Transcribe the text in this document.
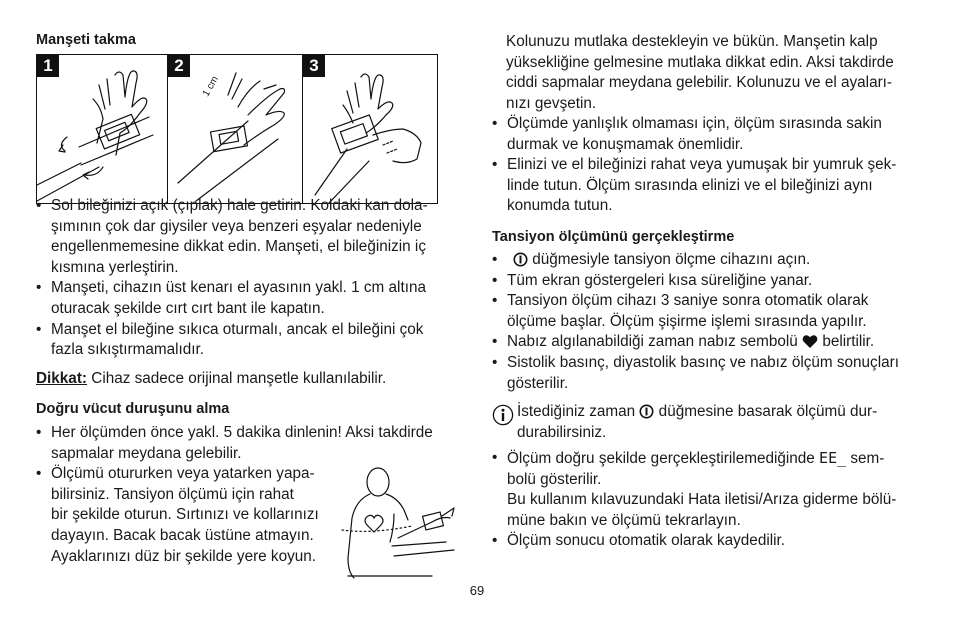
Manşeti takma

1	2
1 cm
3
• Sol bileğinizi açık (çıplak) hale getirin. Koldaki kan dola-
şımının çok dar giysiler veya benzeri eşyalar nedeniyle
engellenmemesine dikkat edin. Manşeti, el bileğinizin iç
kısmına yerleştirin.
• Manşeti, cihazın üst kenarı el ayasının yakl. 1 cm altına
oturacak şekilde cırt cırt bant ile kapatın.
• Manşet el bileğine sıkıca oturmalı, ancak el bileğini çok
fazla sıkıştırmamalıdır.

Dikkat: Cihaz sadece orijinal manşetle kullanılabilir.

Doğru vücut duruşunu alma

• Her ölçümden önce yakl. 5 dakika dinlenin! Aksi takdirde
sapmalar meydana gelebilir.
• Ölçümü otururken veya yatarken yapa-
bilirsiniz. Tansiyon ölçümü için rahat
bir şekilde oturun. Sırtınızı ve kollarınızı
dayayın. Bacak bacak üstüne atmayın.
Ayaklarınızı düz bir şekilde yere koyun.

Kolunuzu mutlaka destekleyin ve bükün. Manşetin kalp
yüksekliğine gelmesine mutlaka dikkat edin. Aksi takdirde
ciddi sapmalar meydana gelebilir. Kolunuzu ve el ayaları-
nızı gevşetin.

• Ölçümde yanlışlık olmaması için, ölçüm sırasında sakin
durmak ve konuşmamak önemlidir.
• Elinizi ve el bileğinizi rahat veya yumuşak bir yumruk şek-
linde tutun. Ölçüm sırasında elinizi ve el bileğinizi aynı
konumda tutun.

Tansiyon ölçümünü gerçekleştirme

• düğmesiyle tansiyon ölçme cihazını açın.
• Tüm ekran göstergeleri kısa süreliğine yanar.
• Tansiyon ölçüm cihazı 3 saniye sonra otomatik olarak
ölçüme başlar. Ölçüm şişirme işlemi sırasında yapılır.
• Nabız algılanabildiği zaman nabız sembolü  belirtilir.
• Sistolik basınç, diyastolik basınç ve nabız ölçüm sonuçları
gösterilir.

İstediğiniz zaman  düğmesine basarak ölçümü dur-
durabilirsiniz.

• Ölçüm doğru şekilde gerçekleştirilemediğinde EE_ sem-
bolü gösterilir.
Bu kullanım kılavuzundaki Hata iletisi/Arıza giderme bölü-
müne bakın ve ölçümü tekrarlayın.
• Ölçüm sonucu otomatik olarak kaydedilir.

69
